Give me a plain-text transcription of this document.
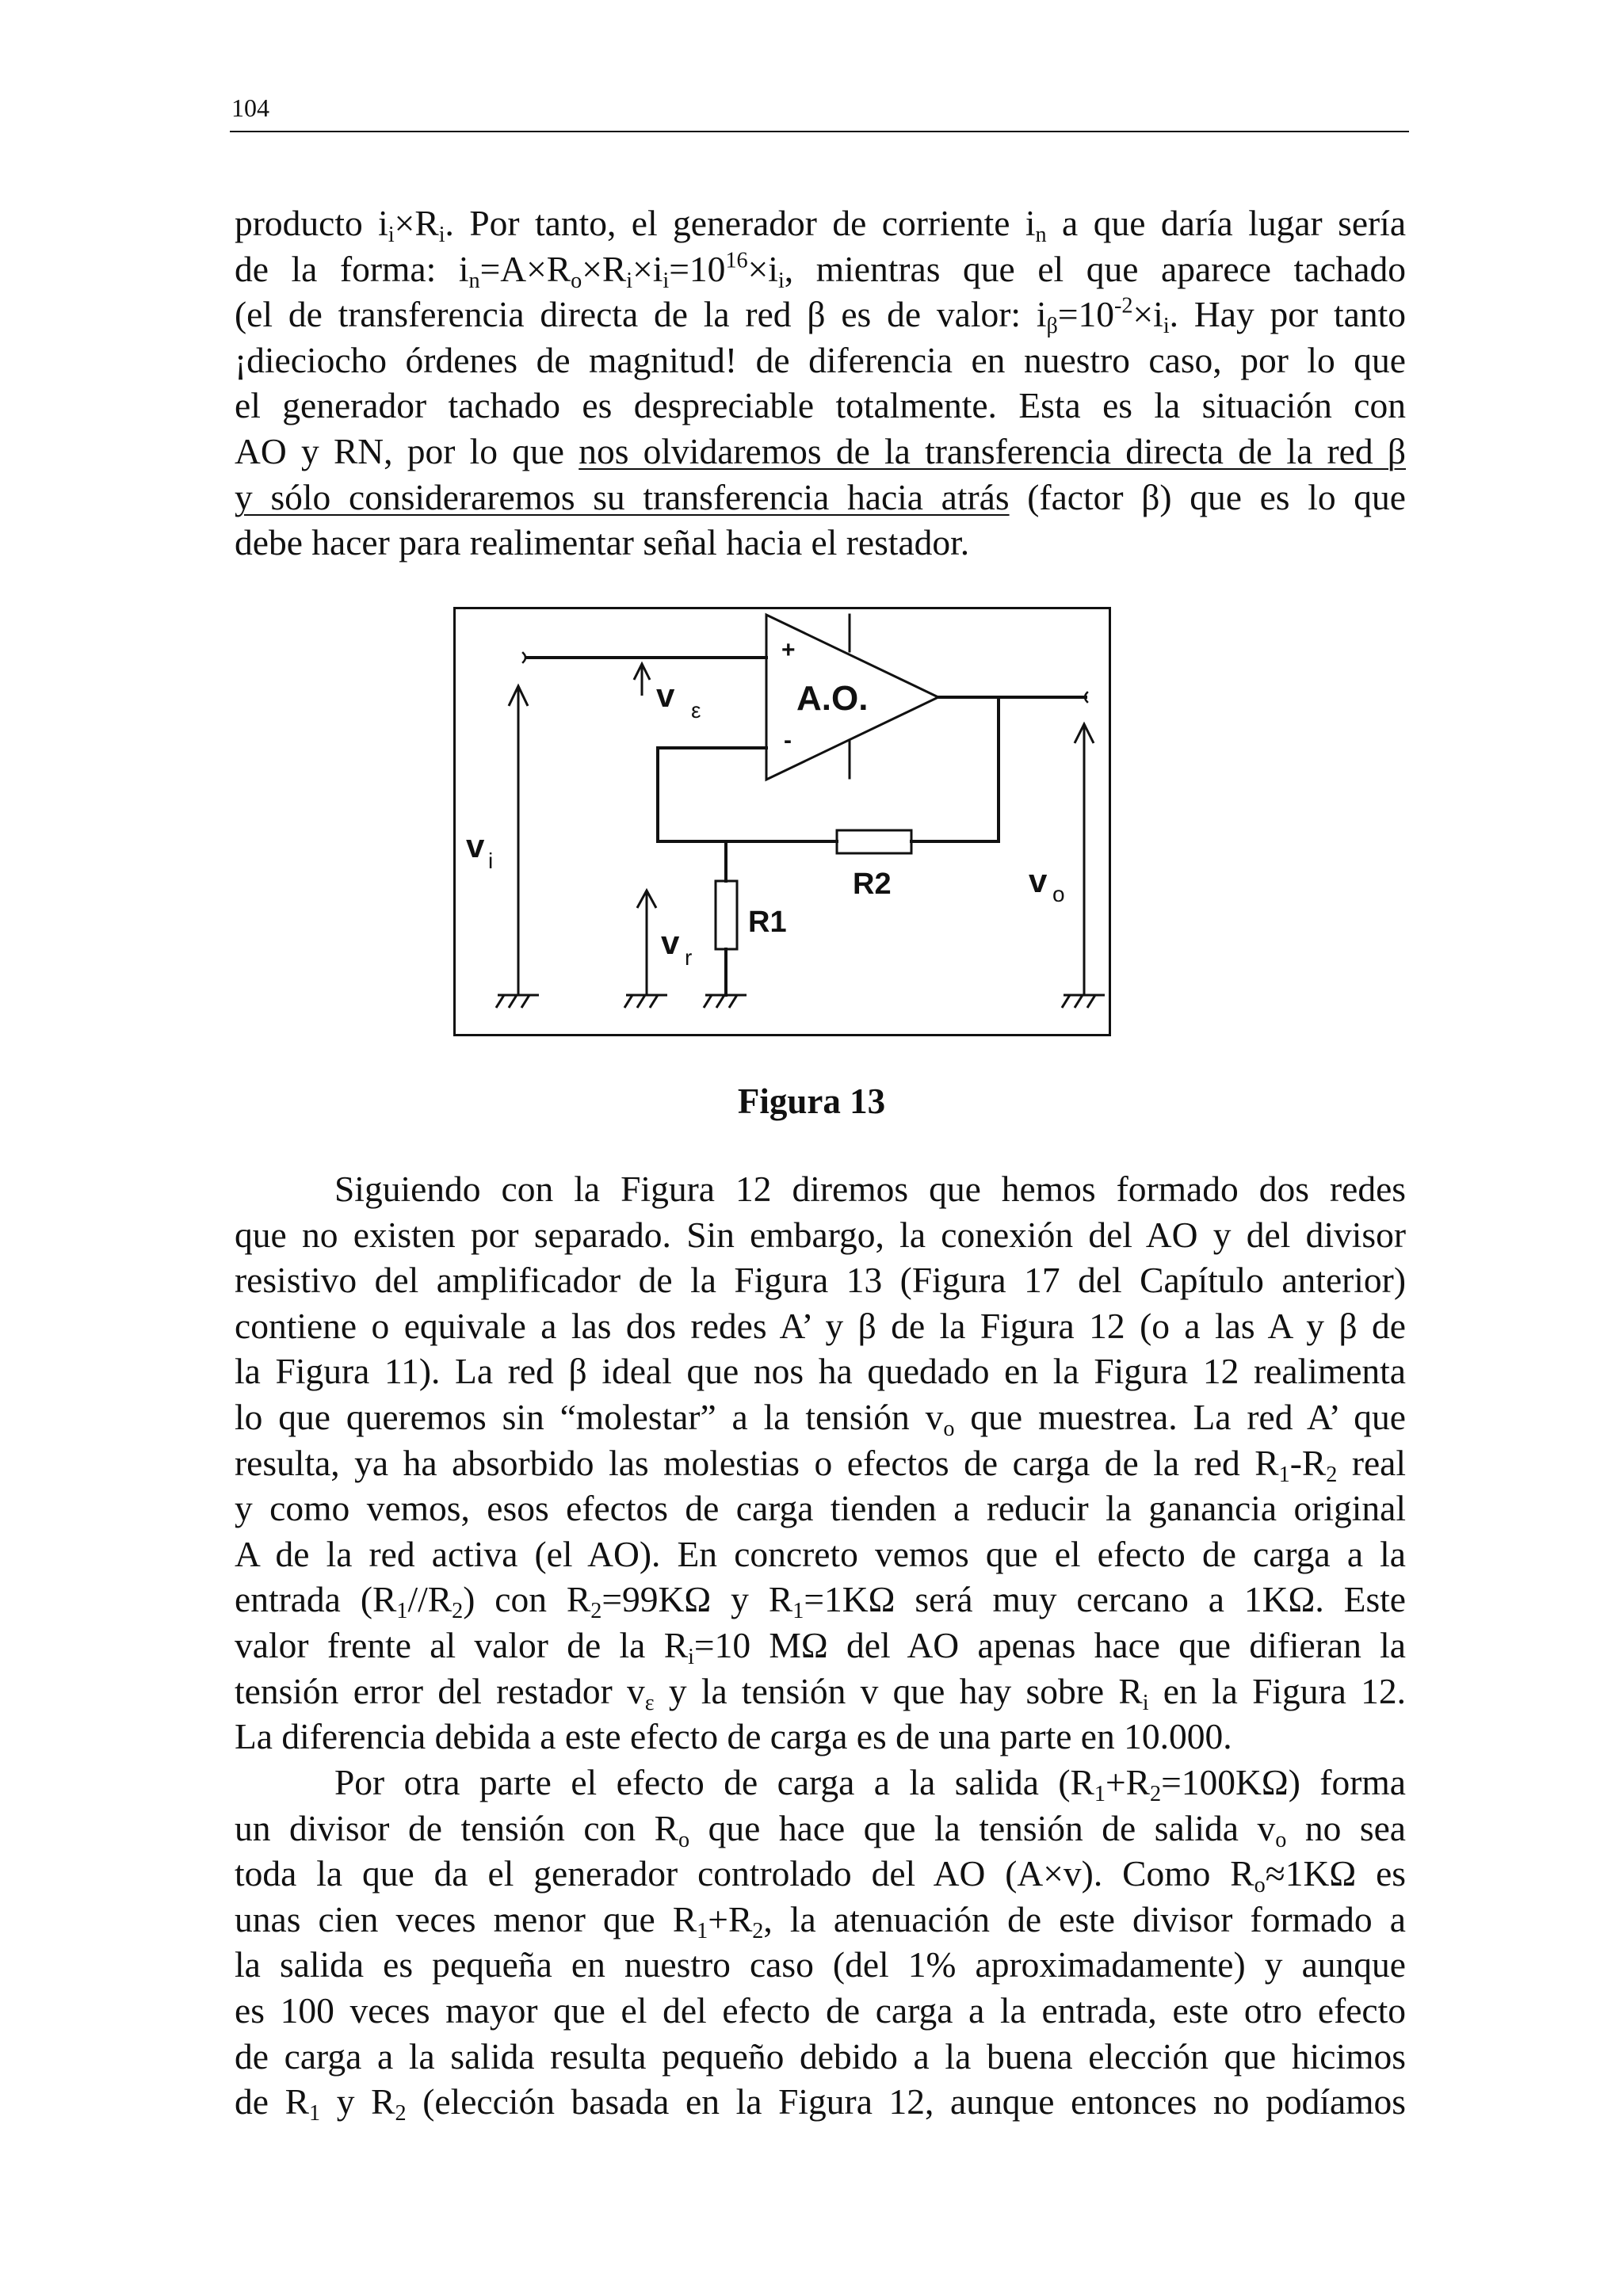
104
producto $i_i\times R_i$. Por tanto, el generador de corriente $i_n$ a que daría lugar sería
de la forma: $i_n=A\times R_o\times R_i\times i_i=10^{16}\times i_i$, mientras que el que aparece tachado
(el de transferencia directa de la red β es de valor: $i_\beta=10^{-2}\times i_i$. Hay por tanto
¡dieciocho órdenes de magnitud! de diferencia en nuestro caso, por lo que
el generador tachado es despreciable totalmente. Esta es la situación con
AO y RN, por lo que nos olvidaremos de la transferencia directa de la red β
y sólo consideraremos su transferencia hacia atrás (factor β) que es lo que
debe hacer para realimentar señal hacia el restador.
+
-
A.O.
v ε
v i
v r
v o
R1
R2
Figura 13
Siguiendo con la Figura 12 diremos que hemos formado dos redes
que no existen por separado. Sin embargo, la conexión del AO y del divisor
resistivo del amplificador de la Figura 13 (Figura 17 del Capítulo anterior)
contiene o equivale a las dos redes A’ y β de la Figura 12 (o a las A y β de
la Figura 11). La red β ideal que nos ha quedado en la Figura 12 realimenta
lo que queremos sin “molestar” a la tensión $v_o$ que muestrea. La red A’ que
resulta, ya ha absorbido las molestias o efectos de carga de la red $R_1-R_2$ real
y como vemos, esos efectos de carga tienden a reducir la ganancia original
A de la red activa (el AO). En concreto vemos que el efecto de carga a la
entrada $(R_1//R_2)$ con $R_2=99K\Omega$ y $R_1=1K\Omega$ será muy cercano a 1KΩ. Este
valor frente al valor de la $R_i=10$ MΩ del AO apenas hace que difieran la
tensión error del restador $v_\varepsilon$ y la tensión v que hay sobre $R_i$ en la Figura 12.
La diferencia debida a este efecto de carga es de una parte en 10.000.
Por otra parte el efecto de carga a la salida $(R_1+R_2=100K\Omega)$ forma
un divisor de tensión con $R_o$ que hace que la tensión de salida $v_o$ no sea
toda la que da el generador controlado del AO (A×v). Como $R_o\approx 1K\Omega$ es
unas cien veces menor que $R_1+R_2$, la atenuación de este divisor formado a
la salida es pequeña en nuestro caso (del 1% aproximadamente) y aunque
es 100 veces mayor que el del efecto de carga a la entrada, este otro efecto
de carga a la salida resulta pequeño debido a la buena elección que hicimos
de $R_1$ y $R_2$ (elección basada en la Figura 12, aunque entonces no podíamos
